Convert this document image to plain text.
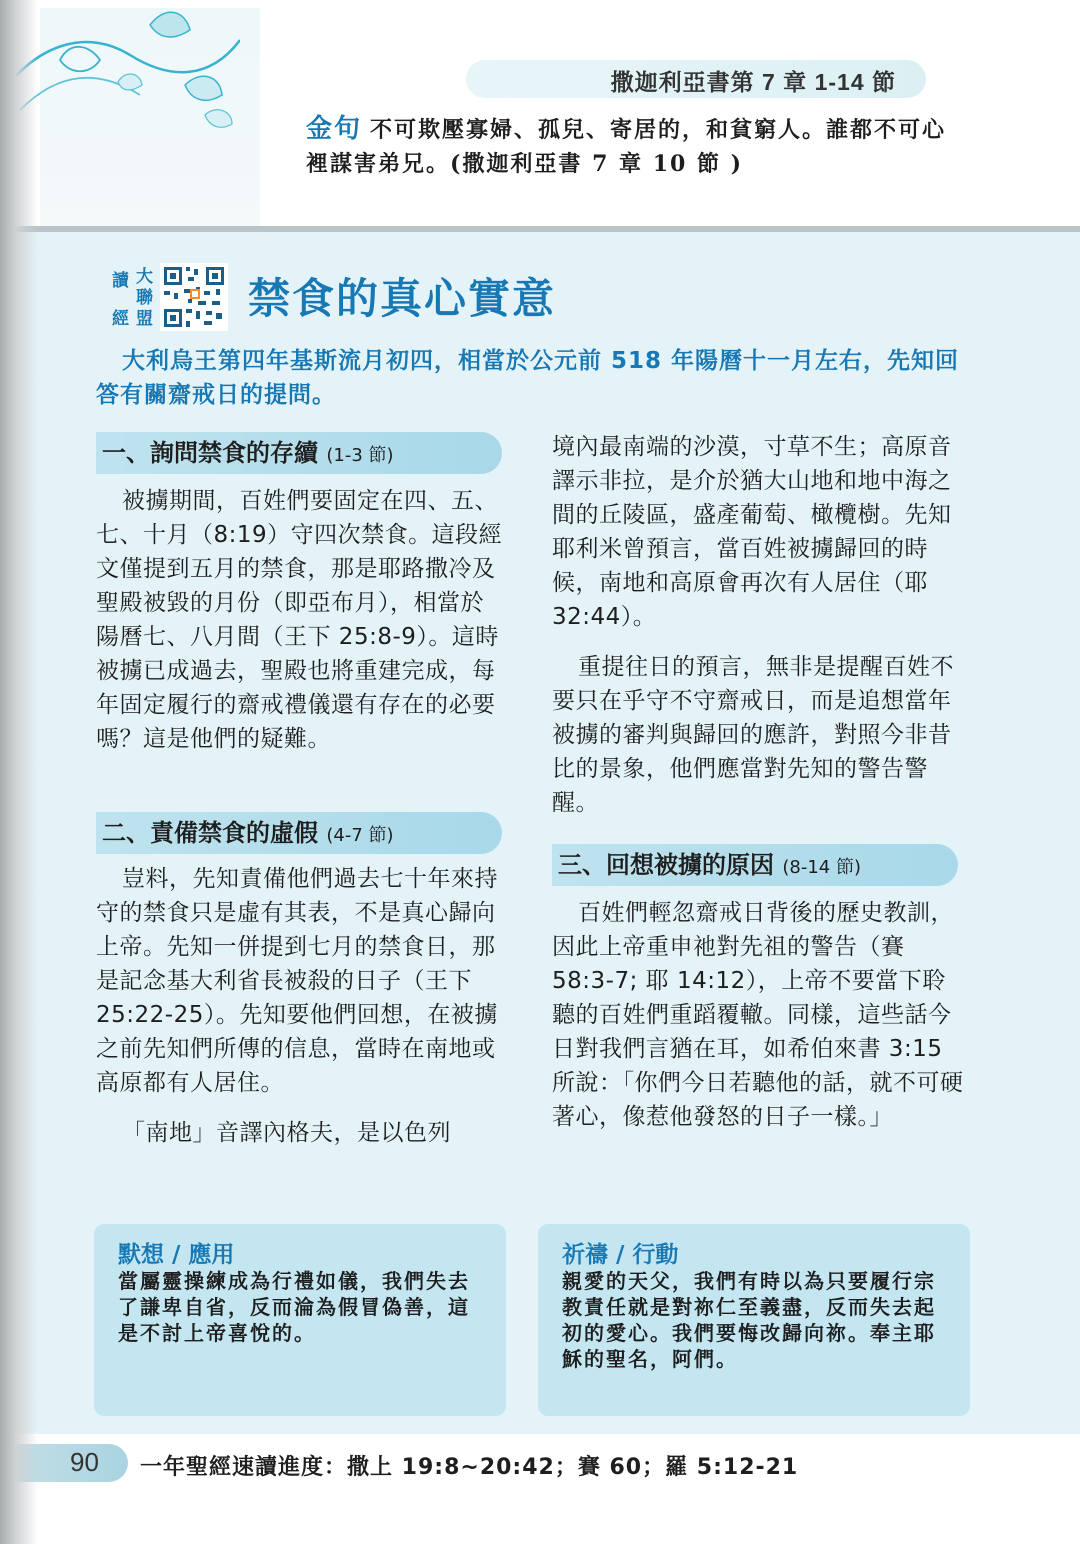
撒迦利亞書第 7 章 1-14 節
金句 不可欺壓寡婦、孤兒、寄居的，和貧窮人。誰都不可心裡謀害弟兄。(撒迦利亞書 7 章 10 節 )
讀 大
聯
經 盟 禁食的真心實意
大利烏王第四年基斯流月初四，相當於公元前 518 年陽曆十一月左右，先知回答有關齋戒日的提問。
一、詢問禁食的存續 (1-3 節)

被擄期間，百姓們要固定在四、五、七、十月（8:19）守四次禁食。這段經文僅提到五月的禁食，那是耶路撒冷及聖殿被毀的月份（即亞布月），相當於陽曆七、八月間（王下 25:8-9）。這時被擄已成過去，聖殿也將重建完成，每年固定履行的齋戒禮儀還有存在的必要嗎？這是他們的疑難。

二、責備禁食的虛假 (4-7 節)

豈料，先知責備他們過去七十年來持守的禁食只是虛有其表，不是真心歸向上帝。先知一併提到七月的禁食日，那是記念基大利省長被殺的日子（王下 25:22-25）。先知要他們回想，在被擄之前先知們所傳的信息，當時在南地或高原都有人居住。

「南地」音譯內格夫，是以色列

境內最南端的沙漠，寸草不生；高原音譯示非拉，是介於猶大山地和地中海之間的丘陵區，盛產葡萄、橄欖樹。先知耶利米曾預言，當百姓被擄歸回的時候，南地和高原會再次有人居住（耶 32:44）。

重提往日的預言，無非是提醒百姓不要只在乎守不守齋戒日，而是追想當年被擄的審判與歸回的應許，對照今非昔比的景象，他們應當對先知的警告警醒。

三、回想被擄的原因 (8-14 節)

百姓們輕忽齋戒日背後的歷史教訓，因此上帝重申祂對先祖的警告（賽 58:3-7; 耶 14:12），上帝不要當下聆聽的百姓們重蹈覆轍。同樣，這些話今日對我們言猶在耳，如希伯來書 3:15 所說：「你們今日若聽他的話，就不可硬著心，像惹他發怒的日子一樣。」

默想 / 應用
當屬靈操練成為行禮如儀，我們失去了謙卑自省，反而淪為假冒偽善，這是不討上帝喜悅的。
祈禱 / 行動
親愛的天父，我們有時以為只要履行宗教責任就是對祢仁至義盡，反而失去起初的愛心。我們要悔改歸向祢。奉主耶穌的聖名，阿們。
90 一年聖經速讀進度：撒上 19:8~20:42；賽 60；羅 5:12-21
